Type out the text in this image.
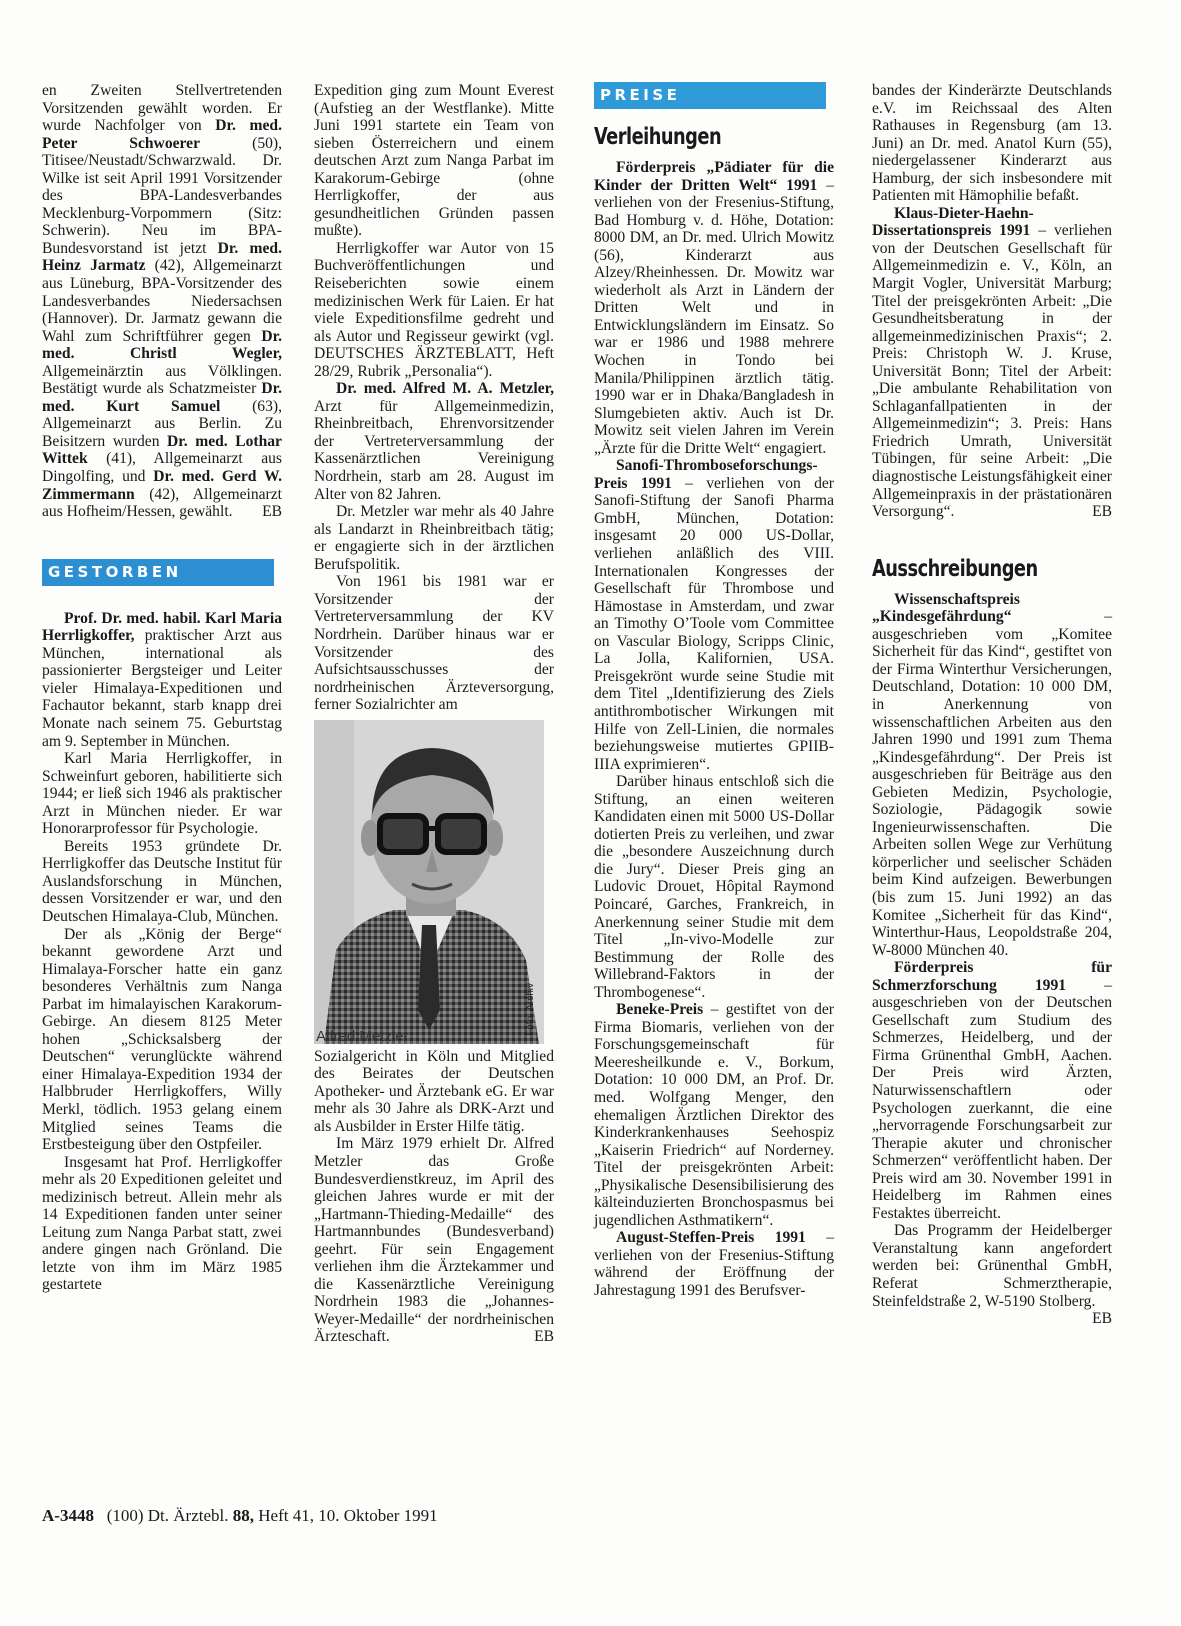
en Zweiten Stellvertretenden Vorsitzenden gewählt worden. Er wurde Nachfolger von Dr. med. Peter Schwoerer (50), Titisee/Neustadt/Schwarzwald. Dr. Wilke ist seit April 1991 Vorsitzender des BPA-Landesverbandes Mecklenburg-Vorpommern (Sitz: Schwerin). Neu im BPA-Bundesvorstand ist jetzt Dr. med. Heinz Jarmatz (42), Allgemeinarzt aus Lüneburg, BPA-Vorsitzender des Landesverbandes Niedersachsen (Hannover). Dr. Jarmatz gewann die Wahl zum Schriftführer gegen Dr. med. Christl Wegler, Allgemeinärztin aus Völklingen. Bestätigt wurde als Schatzmeister Dr. med. Kurt Samuel (63), Allgemeinarzt aus Berlin. Zu Beisitzern wurden Dr. med. Lothar Wittek (41), Allgemeinarzt aus Dingolfing, und Dr. med. Gerd W. Zimmermann (42), Allgemeinarzt aus Hofheim/Hessen, gewählt. EB

GESTORBEN

Prof. Dr. med. habil. Karl Maria Herrligkoffer, praktischer Arzt aus München, international als passionierter Bergsteiger und Leiter vieler Himalaya-Expeditionen und Fachautor bekannt, starb knapp drei Monate nach seinem 75. Geburtstag am 9. September in München.

Karl Maria Herrligkoffer, in Schweinfurt geboren, habilitierte sich 1944; er ließ sich 1946 als praktischer Arzt in München nieder. Er war Honorarprofessor für Psychologie.

Bereits 1953 gründete Dr. Herrligkoffer das Deutsche Institut für Auslandsforschung in München, dessen Vorsitzender er war, und den Deutschen Himalaya-Club, München.

Der als „König der Berge“ bekannt gewordene Arzt und Himalaya-Forscher hatte ein ganz besonderes Verhältnis zum Nanga Parbat im himalayischen Karakorum-Gebirge. An diesem 8125 Meter hohen „Schicksalsberg der Deutschen“ verunglückte während einer Himalaya-Expedition 1934 der Halbbruder Herrligkoffers, Willy Merkl, tödlich. 1953 gelang einem Mitglied seines Teams die Erstbesteigung über den Ostpfeiler.

Insgesamt hat Prof. Herrligkoffer mehr als 20 Expeditionen geleitet und medizinisch betreut. Allein mehr als 14 Expeditionen fanden unter seiner Leitung zum Nanga Parbat statt, zwei andere gingen nach Grönland. Die letzte von ihm im März 1985 gestartete

Expedition ging zum Mount Everest (Aufstieg an der Westflanke). Mitte Juni 1991 startete ein Team von sieben Österreichern und einem deutschen Arzt zum Nanga Parbat im Karakorum-Gebirge (ohne Herrligkoffer, der aus gesundheitlichen Gründen passen mußte).

Herrligkoffer war Autor von 15 Buchveröffentlichungen und Reiseberichten sowie einem medizinischen Werk für Laien. Er hat viele Expeditionsfilme gedreht und als Autor und Regisseur gewirkt (vgl. DEUTSCHES ÄRZTEBLATT, Heft 28/29, Rubrik „Personalia“).

Dr. med. Alfred M. A. Metzler, Arzt für Allgemeinmedizin, Rheinbreitbach, Ehrenvorsitzender der Vertreterversammlung der Kassenärztlichen Vereinigung Nordrhein, starb am 28. August im Alter von 82 Jahren.

Dr. Metzler war mehr als 40 Jahre als Landarzt in Rheinbreitbach tätig; er engagierte sich in der ärztlichen Berufspolitik.

Von 1961 bis 1981 war er Vorsitzender der Vertreterversammlung der KV Nordrhein. Darüber hinaus war er Vorsitzender des Aufsichtsausschusses der nordrheinischen Ärzteversorgung, ferner Sozialrichter am

Foto: Archiv
Alfred Metzler

Sozialgericht in Köln und Mitglied des Beirates der Deutschen Apotheker- und Ärztebank eG. Er war mehr als 30 Jahre als DRK-Arzt und als Ausbilder in Erster Hilfe tätig.

Im März 1979 erhielt Dr. Alfred Metzler das Große Bundesverdienstkreuz, im April des gleichen Jahres wurde er mit der „Hartmann-Thieding-Medaille“ des Hartmannbundes (Bundesverband) geehrt. Für sein Engagement verliehen ihm die Ärztekammer und die Kassenärztliche Vereinigung Nordrhein 1983 die „Johannes-Weyer-Medaille“ der nordrheinischen Ärzteschaft.	EB

PREISE
Verleihungen

Förderpreis „Pädiater für die Kinder der Dritten Welt“ 1991 – verliehen von der Fresenius-Stiftung, Bad Homburg v. d. Höhe, Dotation: 8000 DM, an Dr. med. Ulrich Mowitz (56), Kinderarzt aus Alzey/Rheinhessen. Dr. Mowitz war wiederholt als Arzt in Ländern der Dritten Welt und in Entwicklungsländern im Einsatz. So war er 1986 und 1988 mehrere Wochen in Tondo bei Manila/Philippinen ärztlich tätig. 1990 war er in Dhaka/Bangladesh in Slumgebieten aktiv. Auch ist Dr. Mowitz seit vielen Jahren im Verein „Ärzte für die Dritte Welt“ engagiert.

Sanofi-Thromboseforschungs-Preis 1991 – verliehen von der Sanofi-Stiftung der Sanofi Pharma GmbH, München, Dotation: insgesamt 20 000 US-Dollar, verliehen anläßlich des VIII. Internationalen Kongresses der Gesellschaft für Thrombose und Hämostase in Amsterdam, und zwar an Timothy O’Toole vom Committee on Vascular Biology, Scripps Clinic, La Jolla, Kalifornien, USA. Preisgekrönt wurde seine Studie mit dem Titel „Identifizierung des Ziels antithrombotischer Wirkungen mit Hilfe von Zell-Linien, die normales beziehungsweise mutiertes GPIIB-IIIA exprimieren“.

Darüber hinaus entschloß sich die Stiftung, an einen weiteren Kandidaten einen mit 5000 US-Dollar dotierten Preis zu verleihen, und zwar die „besondere Auszeichnung durch die Jury“. Dieser Preis ging an Ludovic Drouet, Hôpital Raymond Poincaré, Garches, Frankreich, in Anerkennung seiner Studie mit dem Titel „In-vivo-Modelle zur Bestimmung der Rolle des Willebrand-Faktors in der Thrombogenese“.

Beneke-Preis – gestiftet von der Firma Biomaris, verliehen von der Forschungsgemeinschaft für Meeresheilkunde e. V., Borkum, Dotation: 10 000 DM, an Prof. Dr. med. Wolfgang Menger, den ehemaligen Ärztlichen Direktor des Kinderkrankenhauses Seehospiz „Kaiserin Friedrich“ auf Norderney. Titel der preisgekrönten Arbeit: „Physikalische Desensibilisierung des kälteinduzierten Bronchospasmus bei jugendlichen Asthmatikern“.

August-Steffen-Preis 1991 – verliehen von der Fresenius-Stiftung während der Eröffnung der Jahrestagung 1991 des Berufsver-

bandes der Kinderärzte Deutschlands e.V. im Reichssaal des Alten Rathauses in Regensburg (am 13. Juni) an Dr. med. Anatol Kurn (55), niedergelassener Kinderarzt aus Hamburg, der sich insbesondere mit Patienten mit Hämophilie befaßt.

Klaus-Dieter-Haehn-Dissertationspreis 1991 – verliehen von der Deutschen Gesellschaft für Allgemeinmedizin e. V., Köln, an Margit Vogler, Universität Marburg; Titel der preisgekrönten Arbeit: „Die Gesundheitsberatung in der allgemeinmedizinischen Praxis“; 2. Preis: Christoph W. J. Kruse, Universität Bonn; Titel der Arbeit: „Die ambulante Rehabilitation von Schlaganfallpatienten in der Allgemeinmedizin“; 3. Preis: Hans Friedrich Umrath, Universität Tübingen, für seine Arbeit: „Die diagnostische Leistungsfähigkeit einer Allgemeinpraxis in der prästationären Versorgung“.	EB

Ausschreibungen

Wissenschaftspreis „Kindesgefährdung“ – ausgeschrieben vom „Komitee Sicherheit für das Kind“, gestiftet von der Firma Winterthur Versicherungen, Deutschland, Dotation: 10 000 DM, in Anerkennung von wissenschaftlichen Arbeiten aus den Jahren 1990 und 1991 zum Thema „Kindesgefährdung“. Der Preis ist ausgeschrieben für Beiträge aus den Gebieten Medizin, Psychologie, Soziologie, Pädagogik sowie Ingenieurwissenschaften. Die Arbeiten sollen Wege zur Verhütung körperlicher und seelischer Schäden beim Kind aufzeigen. Bewerbungen (bis zum 15. Juni 1992) an das Komitee „Sicherheit für das Kind“, Winterthur-Haus, Leopoldstraße 204, W-8000 München 40.

Förderpreis für Schmerzforschung 1991 – ausgeschrieben von der Deutschen Gesellschaft zum Studium des Schmerzes, Heidelberg, und der Firma Grünenthal GmbH, Aachen. Der Preis wird Ärzten, Naturwissenschaftlern oder Psychologen zuerkannt, die eine „hervorragende Forschungsarbeit zur Therapie akuter und chronischer Schmerzen“ veröffentlicht haben. Der Preis wird am 30. November 1991 in Heidelberg im Rahmen eines Festaktes überreicht.

Das Programm der Heidelberger Veranstaltung kann angefordert werden bei: Grünenthal GmbH, Referat Schmerztherapie, Steinfeldstraße 2, W-5190 Stolberg.
EB

A-3448 (100) Dt. Ärztebl. 88, Heft 41, 10. Oktober 1991
